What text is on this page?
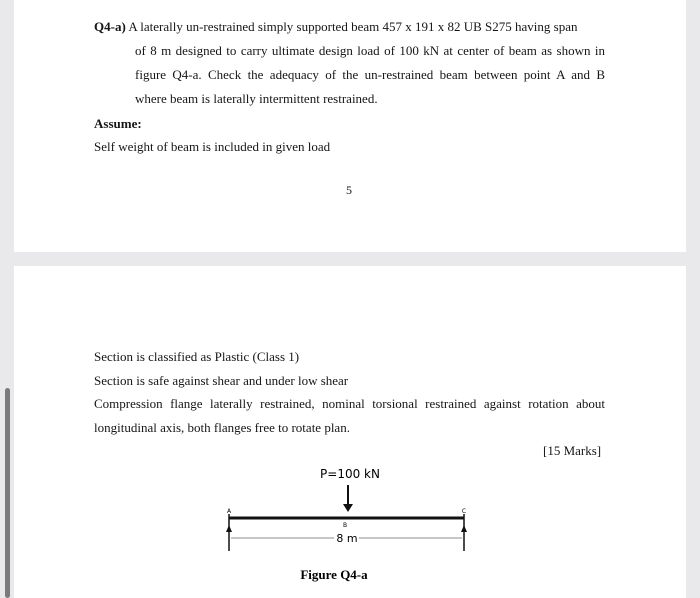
Q4-a) A laterally un-restrained simply supported beam 457 x 191 x 82 UB S275 having span
of 8 m designed to carry ultimate design load of 100 kN at center of beam as shown in
figure Q4-a. Check the adequacy of the un-restrained beam between point A and B
where beam is laterally intermittent restrained.
Assume:
Self weight of beam is included in given load
5
Section is classified as Plastic (Class 1)
Section is safe against shear and under low shear
Compression flange laterally restrained, nominal torsional restrained against rotation about
longitudinal axis, both flanges free to rotate plan.
[15 Marks]
P=100 kN
A
B
C
8 m
Figure Q4-a
